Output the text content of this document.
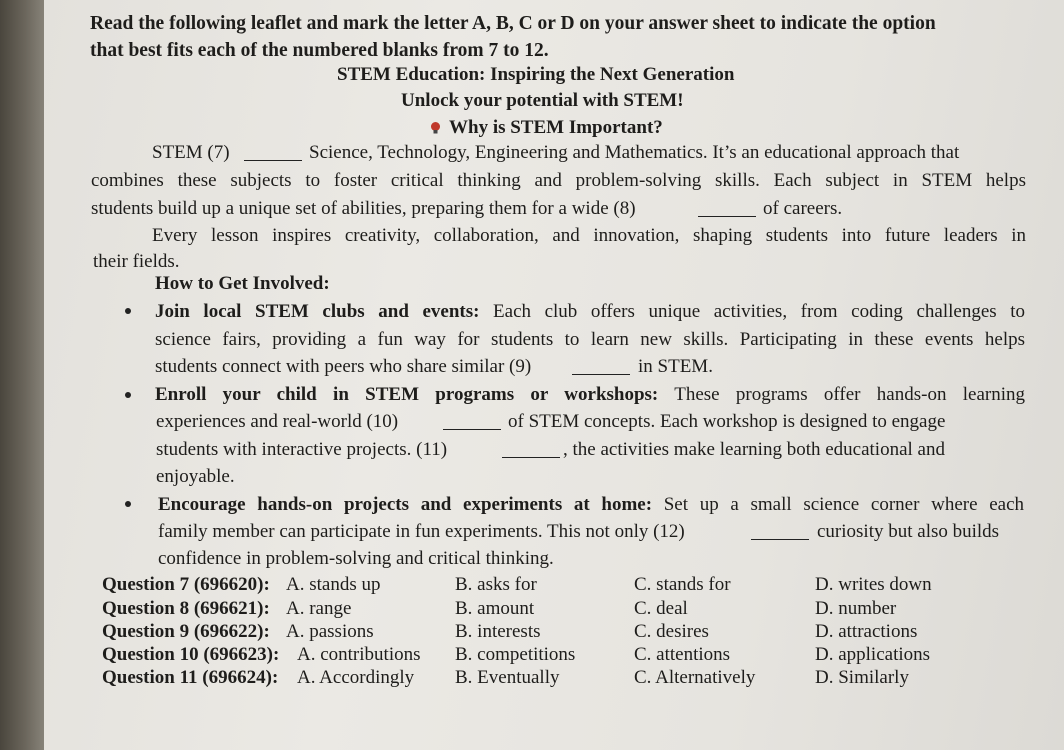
Read the following leaflet and mark the letter A, B, C or D on your answer sheet to indicate the option
that best fits each of the numbered blanks from 7 to 12.
STEM Education: Inspiring the Next Generation
Unlock your potential with STEM!
Why is STEM Important?
STEM (7)	Science, Technology, Engineering and Mathematics. It’s an educational approach that
combines these subjects to foster critical thinking and problem-solving skills. Each subject in STEM helps
students build up a unique set of abilities, preparing them for a wide (8)	of careers.
Every lesson inspires creativity, collaboration, and innovation, shaping students into future leaders in
their fields.
How to Get Involved:
Join local STEM clubs and events: Each club offers unique activities, from coding challenges to
science fairs, providing a fun way for students to learn new skills. Participating in these events helps
students connect with peers who share similar (9)	in STEM.
Enroll your child in STEM programs or workshops: These programs offer hands-on learning
experiences and real-world (10)	of STEM concepts. Each workshop is designed to engage
students with interactive projects. (11)	, the activities make learning both educational and
enjoyable.
Encourage hands-on projects and experiments at home: Set up a small science corner where each
family member can participate in fun experiments. This not only (12)	curiosity but also builds
confidence in problem-solving and critical thinking.
Question 7 (696620): A. stands up	B. asks for	C. stands for	D. writes down
Question 8 (696621): A. range	B. amount	C. deal	D. number
Question 9 (696622): A. passions	B. interests	C. desires	D. attractions
Question 10 (696623): A. contributions B. competitions	C. attentions	D. applications
Question 11 (696624): A. Accordingly B. Eventually	C. Alternatively	D. Similarly
